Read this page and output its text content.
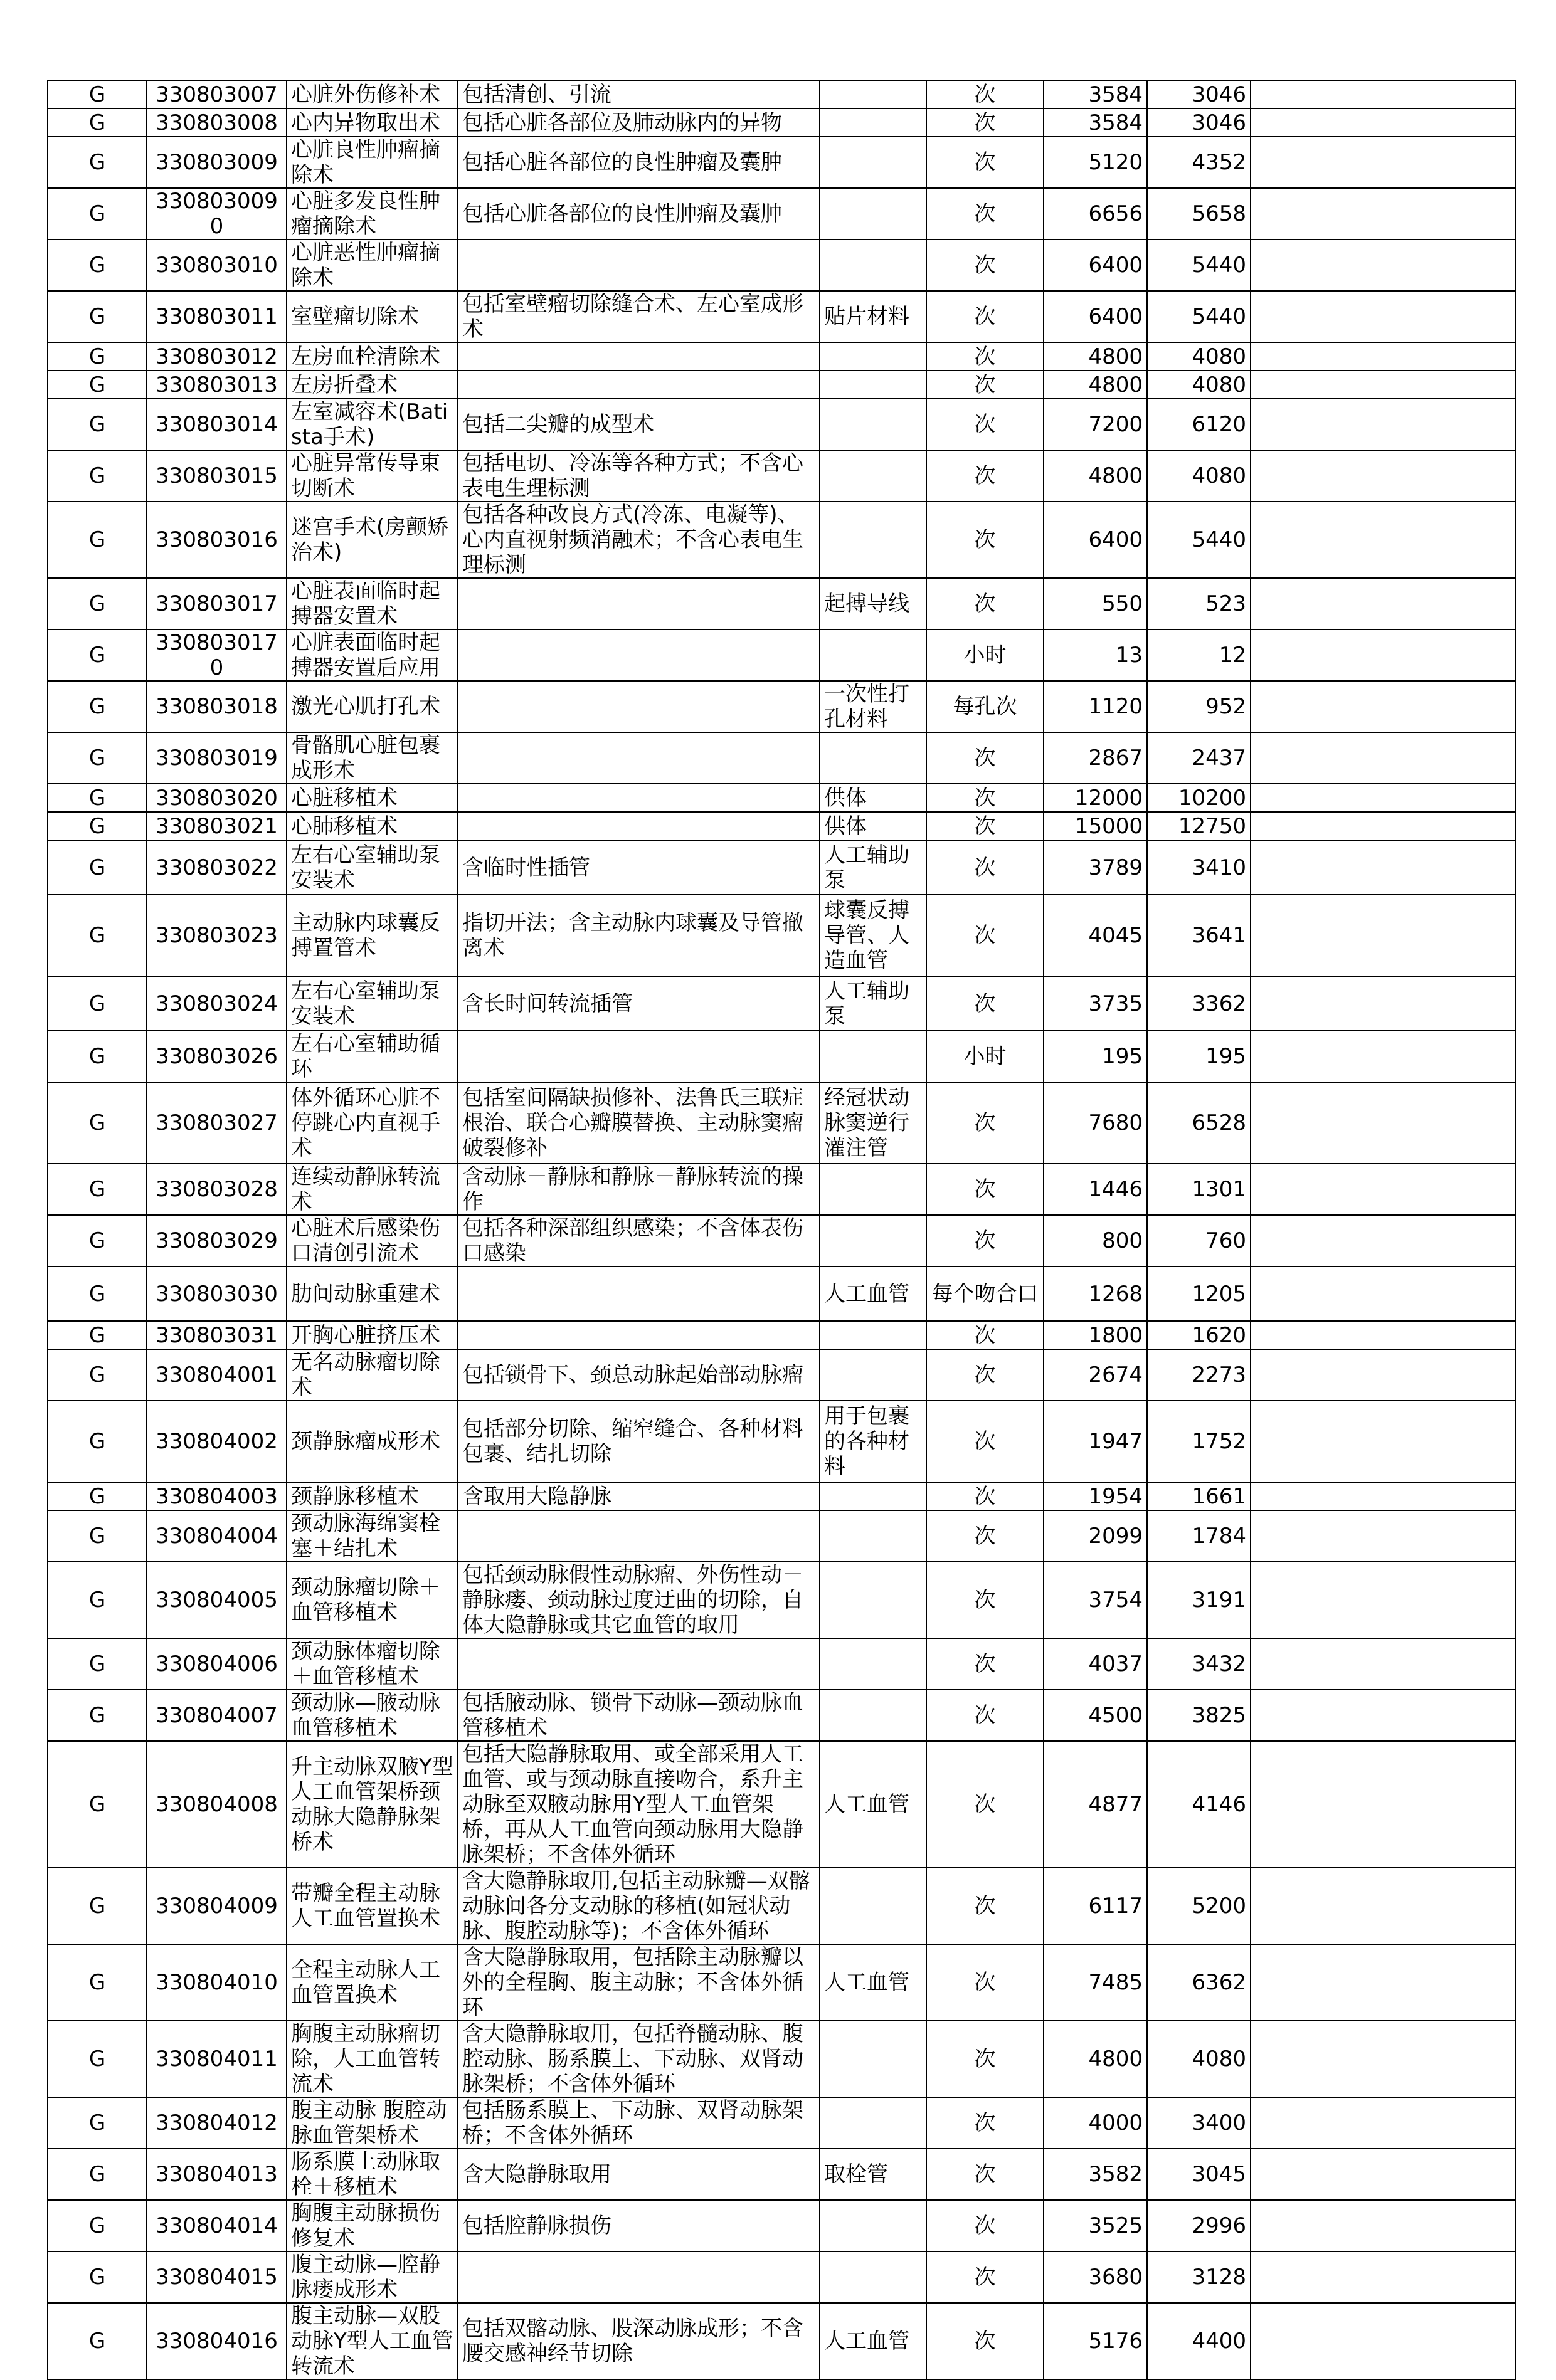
G	330803007	心脏外伤修补术	包括清创、引流		次	3584	3046	
G	330803008	心内异物取出术	包括心脏各部位及肺动脉内的异物		次	3584	3046	
G	330803009	心脏良性肿瘤摘除术	包括心脏各部位的良性肿瘤及囊肿		次	5120	4352	
G	3308030090	心脏多发良性肿瘤摘除术	包括心脏各部位的良性肿瘤及囊肿		次	6656	5658	
G	330803010	心脏恶性肿瘤摘除术			次	6400	5440	
G	330803011	室壁瘤切除术	包括室壁瘤切除缝合术、左心室成形术	贴片材料	次	6400	5440	
G	330803012	左房血栓清除术			次	4800	4080	
G	330803013	左房折叠术			次	4800	4080	
G	330803014	左室减容术(Batista手术)	包括二尖瓣的成型术		次	7200	6120	
G	330803015	心脏异常传导束切断术	包括电切、冷冻等各种方式；不含心表电生理标测		次	4800	4080	
G	330803016	迷宫手术(房颤矫治术)	包括各种改良方式(冷冻、电凝等)、心内直视射频消融术；不含心表电生理标测		次	6400	5440	
G	330803017	心脏表面临时起搏器安置术		起搏导线	次	550	523	
G	3308030170	心脏表面临时起搏器安置后应用			小时	13	12	
G	330803018	激光心肌打孔术		一次性打孔材料	每孔次	1120	952	
G	330803019	骨骼肌心脏包裹成形术			次	2867	2437	
G	330803020	心脏移植术		供体	次	12000	10200	
G	330803021	心肺移植术		供体	次	15000	12750	
G	330803022	左右心室辅助泵安装术	含临时性插管	人工辅助泵	次	3789	3410	
G	330803023	主动脉内球囊反搏置管术	指切开法；含主动脉内球囊及导管撤离术	球囊反搏导管、人造血管	次	4045	3641	
G	330803024	左右心室辅助泵安装术	含长时间转流插管	人工辅助泵	次	3735	3362	
G	330803026	左右心室辅助循环			小时	195	195	
G	330803027	体外循环心脏不停跳心内直视手术	包括室间隔缺损修补、法鲁氏三联症根治、联合心瓣膜替换、主动脉窦瘤破裂修补	经冠状动脉窦逆行灌注管	次	7680	6528	
G	330803028	连续动静脉转流术	含动脉－静脉和静脉－静脉转流的操作		次	1446	1301	
G	330803029	心脏术后感染伤口清创引流术	包括各种深部组织感染；不含体表伤口感染		次	800	760	
G	330803030	肋间动脉重建术		人工血管	每个吻合口	1268	1205	
G	330803031	开胸心脏挤压术			次	1800	1620	
G	330804001	无名动脉瘤切除术	包括锁骨下、颈总动脉起始部动脉瘤		次	2674	2273	
G	330804002	颈静脉瘤成形术	包括部分切除、缩窄缝合、各种材料包裹、结扎切除	用于包裹的各种材料	次	1947	1752	
G	330804003	颈静脉移植术	含取用大隐静脉		次	1954	1661	
G	330804004	颈动脉海绵窦栓塞＋结扎术			次	2099	1784	
G	330804005	颈动脉瘤切除＋血管移植术	包括颈动脉假性动脉瘤、外伤性动－静脉瘘、颈动脉过度迂曲的切除，自体大隐静脉或其它血管的取用		次	3754	3191	
G	330804006	颈动脉体瘤切除＋血管移植术			次	4037	3432	
G	330804007	颈动脉—腋动脉血管移植术	包括腋动脉、锁骨下动脉—颈动脉血管移植术		次	4500	3825	
G	330804008	升主动脉双腋Y型人工血管架桥颈动脉大隐静脉架桥术	包括大隐静脉取用、或全部采用人工血管、或与颈动脉直接吻合，系升主动脉至双腋动脉用Y型人工血管架桥，再从人工血管向颈动脉用大隐静脉架桥；不含体外循环	人工血管	次	4877	4146	
G	330804009	带瓣全程主动脉人工血管置换术	含大隐静脉取用,包括主动脉瓣—双髂动脉间各分支动脉的移植(如冠状动脉、腹腔动脉等)；不含体外循环		次	6117	5200	
G	330804010	全程主动脉人工血管置换术	含大隐静脉取用，包括除主动脉瓣以外的全程胸、腹主动脉；不含体外循环	人工血管	次	7485	6362	
G	330804011	胸腹主动脉瘤切除，人工血管转流术	含大隐静脉取用，包括脊髓动脉、腹腔动脉、肠系膜上、下动脉、双肾动脉架桥；不含体外循环		次	4800	4080	
G	330804012	腹主动脉 腹腔动脉血管架桥术	包括肠系膜上、下动脉、双肾动脉架桥；不含体外循环		次	4000	3400	
G	330804013	肠系膜上动脉取栓＋移植术	含大隐静脉取用	取栓管	次	3582	3045	
G	330804014	胸腹主动脉损伤修复术	包括腔静脉损伤		次	3525	2996	
G	330804015	腹主动脉—腔静脉瘘成形术			次	3680	3128	
G	330804016	腹主动脉—双股动脉Y型人工血管转流术	包括双髂动脉、股深动脉成形；不含腰交感神经节切除	人工血管	次	5176	4400	
